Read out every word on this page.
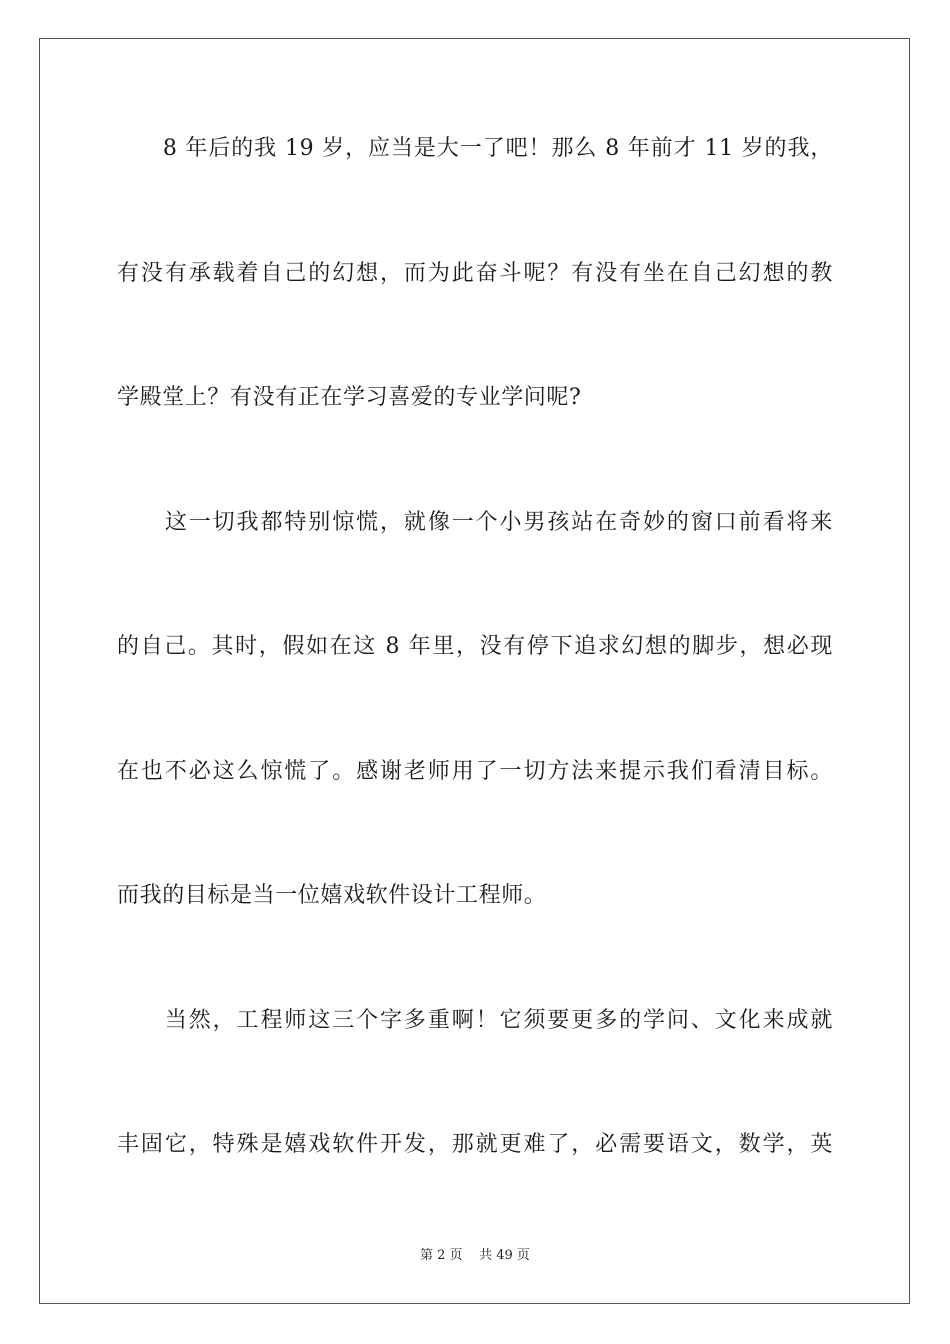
　　8 年后的我 19 岁，应当是大一了吧！那么 8 年前才 11 岁的我，
有没有承载着自己的幻想，而为此奋斗呢？有没有坐在自己幻想的教
学殿堂上？有没有正在学习喜爱的专业学问呢?
　　这一切我都特别惊慌，就像一个小男孩站在奇妙的窗口前看将来
的自己。其时，假如在这 8 年里，没有停下追求幻想的脚步，想必现
在也不必这么惊慌了。感谢老师用了一切方法来提示我们看清目标。
而我的目标是当一位嬉戏软件设计工程师。
　　当然，工程师这三个字多重啊！它须要更多的学问、文化来成就
丰固它，特殊是嬉戏软件开发，那就更难了，必需要语文，数学，英
第 2 页 共 49 页
